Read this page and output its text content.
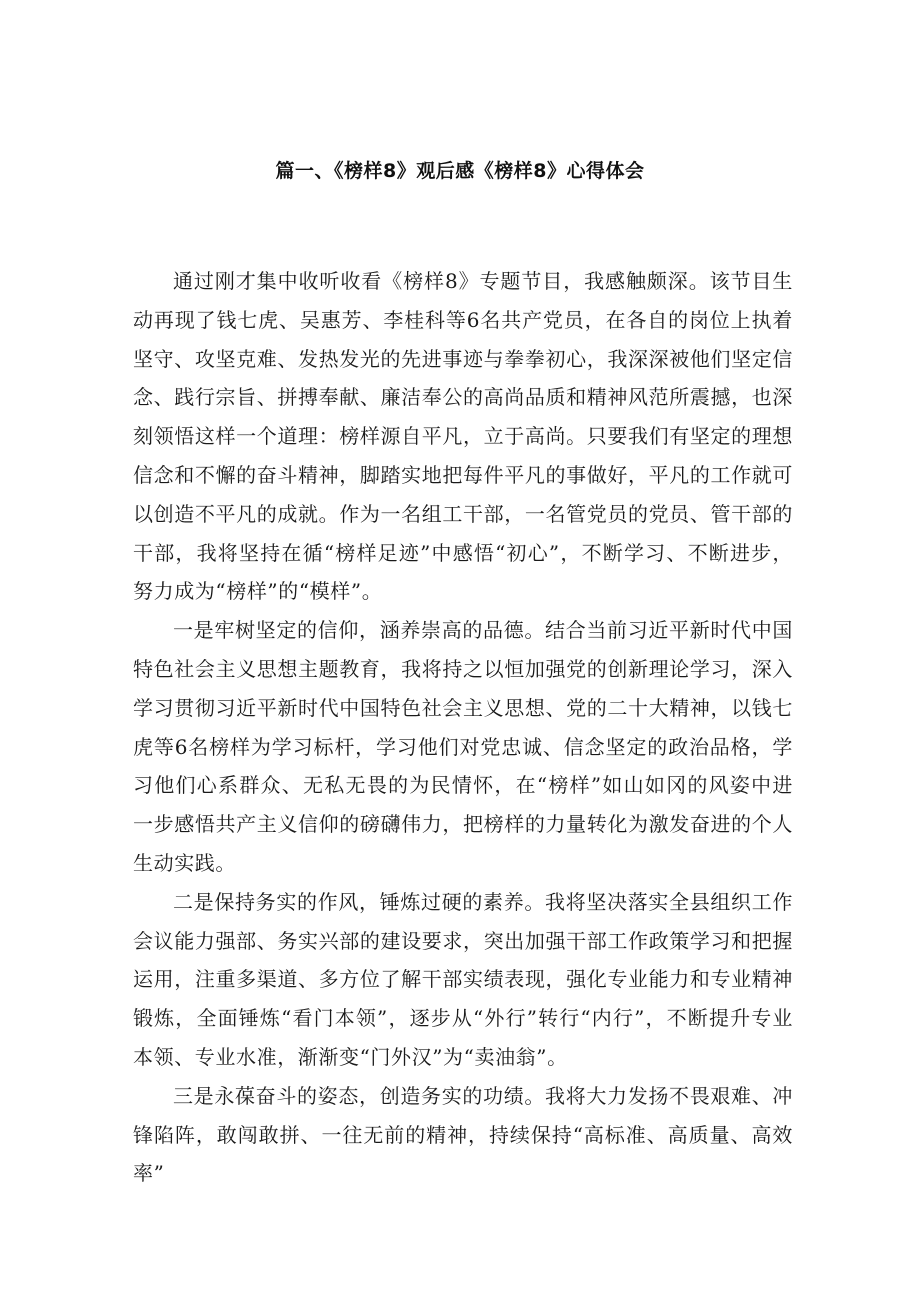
篇一、《榜样8》观后感《榜样8》心得体会

通过刚才集中收听收看《榜样8》专题节目，我感触颇深。该节目生动再现了钱七虎、吴惠芳、李桂科等6名共产党员，在各自的岗位上执着坚守、攻坚克难、发热发光的先进事迹与拳拳初心，我深深被他们坚定信念、践行宗旨、拼搏奉献、廉洁奉公的高尚品质和精神风范所震撼，也深刻领悟这样一个道理：榜样源自平凡，立于高尚。只要我们有坚定的理想信念和不懈的奋斗精神，脚踏实地把每件平凡的事做好，平凡的工作就可以创造不平凡的成就。作为一名组工干部，一名管党员的党员、管干部的干部，我将坚持在循“榜样足迹”中感悟“初心”，不断学习、不断进步，努力成为“榜样”的“模样”。

一是牢树坚定的信仰，涵养崇高的品德。结合当前习近平新时代中国特色社会主义思想主题教育，我将持之以恒加强党的创新理论学习，深入学习贯彻习近平新时代中国特色社会主义思想、党的二十大精神，以钱七虎等6名榜样为学习标杆，学习他们对党忠诚、信念坚定的政治品格，学习他们心系群众、无私无畏的为民情怀，在“榜样”如山如冈的风姿中进一步感悟共产主义信仰的磅礴伟力，把榜样的力量转化为激发奋进的个人生动实践。

二是保持务实的作风，锤炼过硬的素养。我将坚决落实全县组织工作会议能力强部、务实兴部的建设要求，突出加强干部工作政策学习和把握运用，注重多渠道、多方位了解干部实绩表现，强化专业能力和专业精神锻炼，全面锤炼“看门本领”，逐步从“外行”转行“内行”，不断提升专业本领、专业水准，渐渐变“门外汉”为“卖油翁”。

三是永葆奋斗的姿态，创造务实的功绩。我将大力发扬不畏艰难、冲锋陷阵，敢闯敢拼、一往无前的精神，持续保持“高标准、高质量、高效率”
